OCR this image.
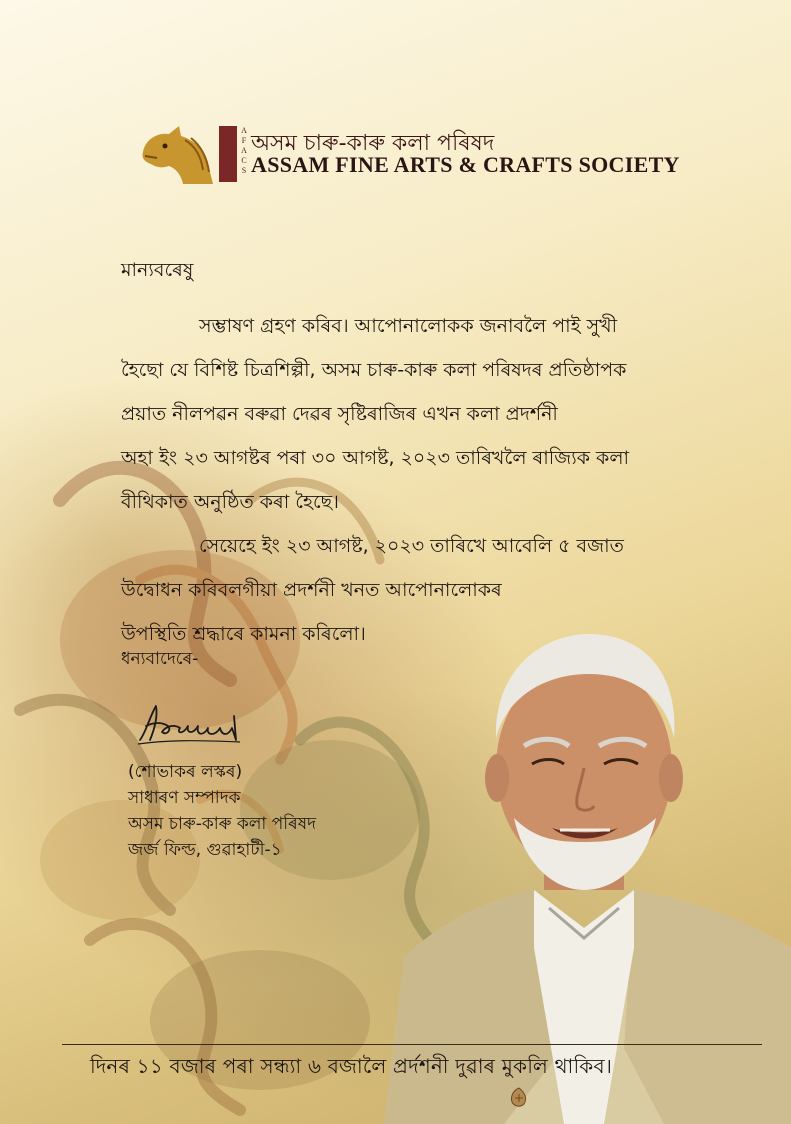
A
F
A
C
S
অসম চাৰু-কাৰু কলা পৰিষদ
ASSAM FINE ARTS & CRAFTS SOCIETY

মান্যবৰেষু

সম্ভাষণ গ্ৰহণ কৰিব। আপোনালোকক জনাবলৈ পাই সুখী

হৈছো যে বিশিষ্ট চিত্ৰশিল্পী, অসম চাৰু-কাৰু কলা পৰিষদৰ প্ৰতিষ্ঠাপক

প্ৰয়াত নীলপৱন বৰুৱা দেৱৰ সৃষ্টিৰাজিৰ এখন কলা প্ৰদৰ্শনী

অহা ইং ২৩ আগষ্টৰ পৰা ৩০ আগষ্ট, ২০২৩ তাৰিখলৈ ৰাজ্যিক কলা

বীথিকাত অনুষ্ঠিত কৰা হৈছে।

সেয়েহে ইং ২৩ আগষ্ট, ২০২৩ তাৰিখে আবেলি ৫ বজাত

উদ্বোধন কৰিবলগীয়া প্ৰদৰ্শনী খনত আপোনালোকৰ

উপস্থিতি শ্ৰদ্ধাৰে কামনা কৰিলো।

ধন্যবাদেৰে-
(শোভাকৰ লস্কৰ)
সাধাৰণ সম্পাদক
অসম চাৰু-কাৰু কলা পৰিষদ
জৰ্জ ফিল্ড, গুৱাহাটী-১
দিনৰ ১১ বজাৰ পৰা সন্ধ্যা ৬ বজালৈ প্ৰৰ্দশনী দুৱাৰ মুকলি থাকিব।
